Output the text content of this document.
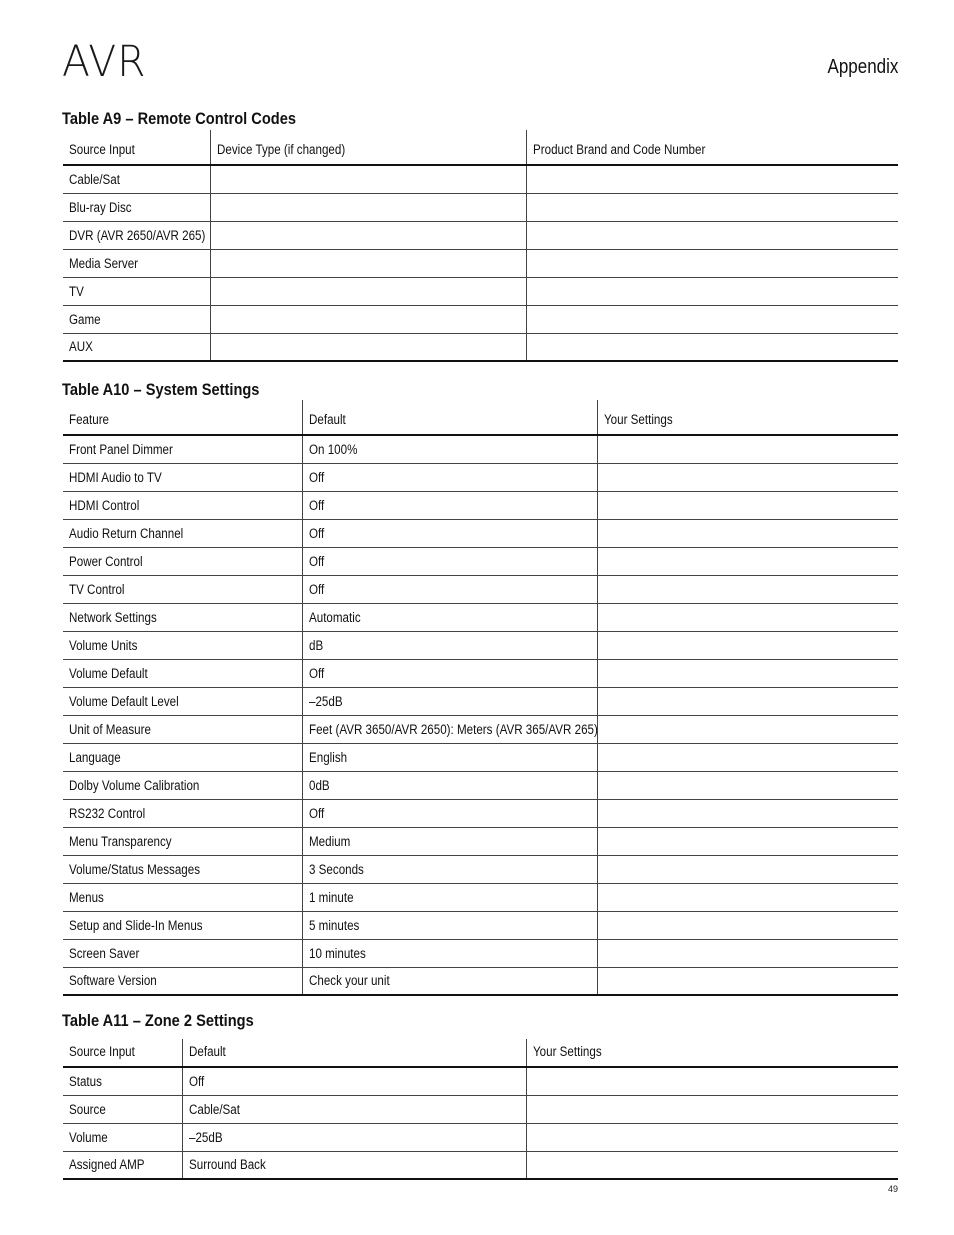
AVR	Appendix
Table A9 – Remote Control Codes
Source Input	Device Type (if changed)	Product Brand and Code Number
Cable/Sat		
Blu-ray Disc		
DVR (AVR 2650/AVR 265)		
Media Server		
TV		
Game		
AUX		
Table A10 – System Settings
Feature	Default	Your Settings
Front Panel Dimmer	On 100%	
HDMI Audio to TV	Off	
HDMI Control	Off	
Audio Return Channel	Off	
Power Control	Off	
TV Control	Off	
Network Settings	Automatic	
Volume Units	dB	
Volume Default	Off	
Volume Default Level	–25dB	
Unit of Measure	Feet (AVR 3650/AVR 2650): Meters (AVR 365/AVR 265)	
Language	English	
Dolby Volume Calibration	0dB	
RS232 Control	Off	
Menu Transparency	Medium	
Volume/Status Messages	3 Seconds	
Menus	1 minute	
Setup and Slide-In Menus	5 minutes	
Screen Saver	10 minutes	
Software Version	Check your unit	
Table A11 – Zone 2 Settings
Source Input	Default	Your Settings
Status	Off	
Source	Cable/Sat	
Volume	–25dB	
Assigned AMP	Surround Back	
49
